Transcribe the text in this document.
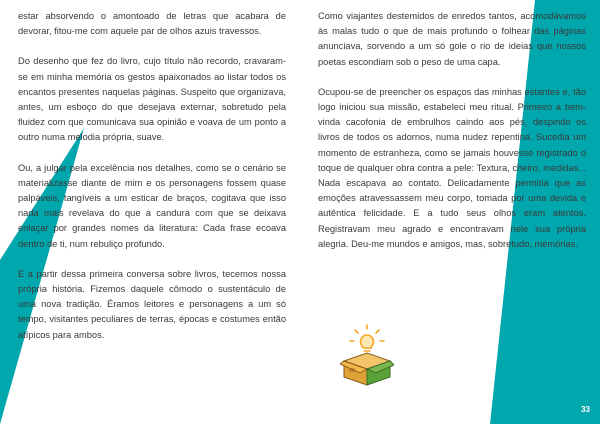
estar absorvendo o amontoado de letras que acabara de devorar, fitou-me com aquele par de olhos azuis travessos.

Do desenho que fez do livro, cujo título não recordo, cravaram-se em minha memória os gestos apaixonados ao listar todos os encantos presentes naquelas páginas. Suspeito que organizava, antes, um esboço do que desejava externar, sobretudo pela fluidez com que comunicava sua opinião e voava de um ponto a outro numa melodia própria, suave.

Ou, a julgar pela excelência nos detalhes, como se o cenário se materializasse diante de mim e os personagens fossem quase palpáveis, tangíveis a um esticar de braços, cogitava que isso nada mais revelava do que a candura com que se deixava enlaçar por grandes nomes da literatura: Cada frase ecoava dentro de ti, num rebuliço profundo.

E a partir dessa primeira conversa sobre livros, tecemos nossa própria história. Fizemos daquele cômodo o sustentáculo de uma nova tradição. Éramos leitores e personagens a um só tempo, visitantes peculiares de terras, épocas e costumes então atípicos para ambos.

Como viajantes destemidos de enredos tantos, acomodávamos às malas tudo o que de mais profundo o folhear das páginas anunciava, sorvendo a um só gole o rio de ideias que nossos poetas escondiam sob o peso de uma capa.

Ocupou-se de preencher os espaços das minhas estantes e, tão logo iniciou sua missão, estabeleci meu ritual. Primeiro a bem-vinda cacofonia de embrulhos caindo aos pés, despindo os livros de todos os adornos, numa nudez repentina. Sucedia um momento de estranheza, como se jamais houvesse registrado o toque de qualquer obra contra a pele: Textura, cheiro, medidas... Nada escapava ao contato. Delicadamente permitia que as emoções atravessassem meu corpo, tomada por uma devida e autêntica felicidade. E a tudo seus olhos eram atentos. Registravam meu agrado e encontravam nele sua própria alegria. Deu-me mundos e amigos, mas, sobretudo, memórias.

33
